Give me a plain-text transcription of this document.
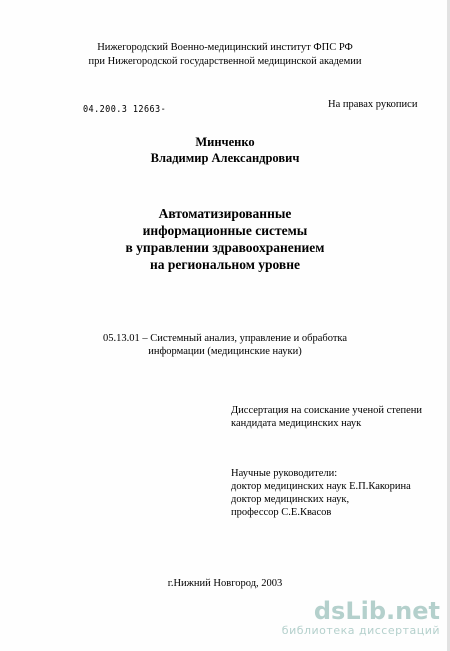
Нижегородский Военно-медицинский институт ФПС РФ
при Нижегородской государственной медицинской академии
04.200.3 12663-	На правах рукописи
Минченко
Владимир Александрович
Автоматизированные
информационные системы
в управлении здравоохранением
на региональном уровне
05.13.01 – Системный анализ, управление и обработка
информации (медицинские науки)
Диссертация на соискание ученой степени
кандидата медицинских наук
Научные руководители:
доктор медицинских наук Е.П.Какорина
доктор медицинских наук,
профессор С.Е.Квасов
г.Нижний Новгород, 2003
dsLib.net
библиотека диссертаций
